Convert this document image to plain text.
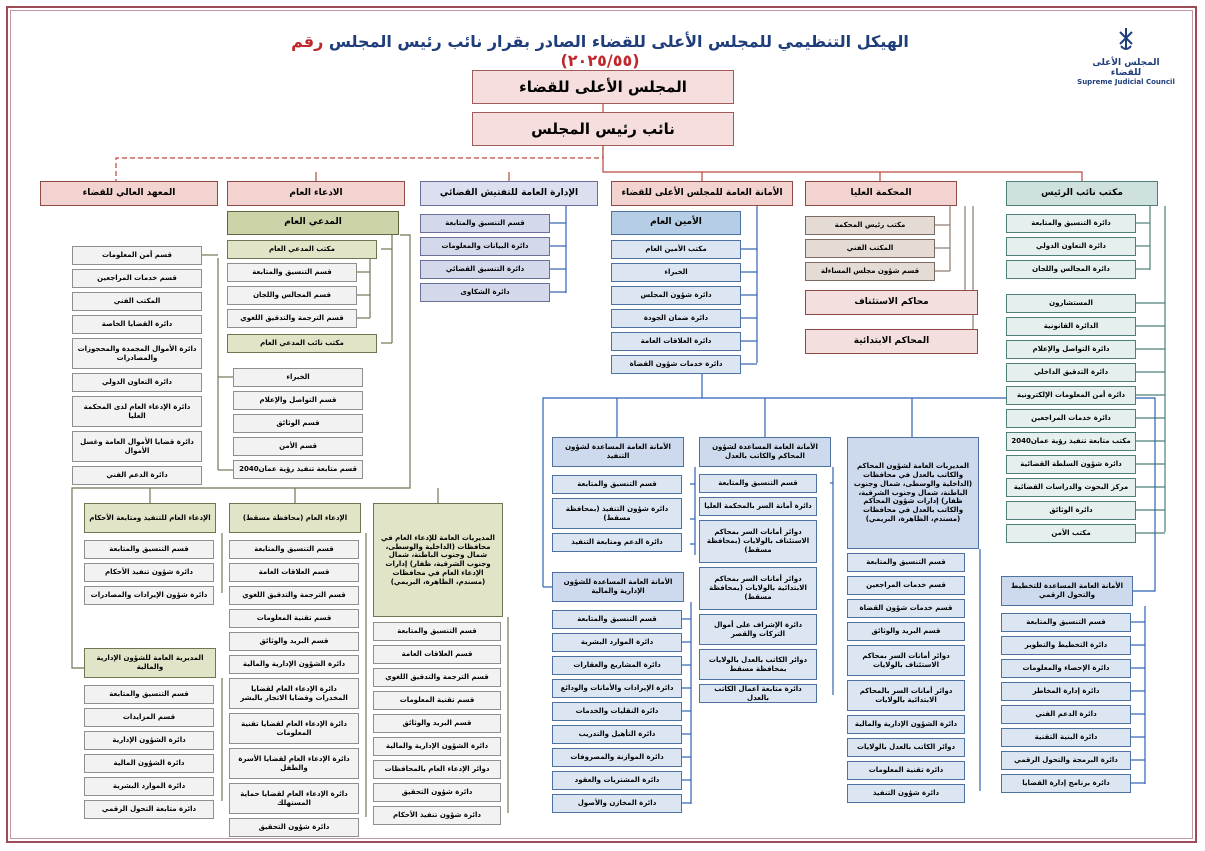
الهيكل التنظيمي للمجلس الأعلى للقضاء الصادر بقرار نائب رئيس المجلس رقم (٢٠٢٥/٥٥)	المجلس الأعلى للقضاء
Supreme Judicial Council
المجلس الأعلى للقضاء
نائب رئيس المجلس
مكتب نائب الرئيس
المحكمة العليا
الأمانة العامة للمجلس الأعلى للقضاء
الإدارة العامة للتفتيش القضائي
الادعاء العام
المعهد العالي للقضاء
دائرة التنسيق والمتابعة
دائرة التعاون الدولي
دائرة المجالس واللجان
المستشارون
الدائرة القانونية
دائرة التواصل والإعلام
دائرة التدقيق الداخلي
دائرة أمن المعلومات الإلكترونية
دائرة خدمات المراجعين
مكتب متابعة تنفيذ رؤية عمان2040
دائرة شؤون السلطة القضائية
مركز البحوث والدراسات القضائية
دائرة الوثائق
مكتب الأمن
مكتب رئيس المحكمة
المكتب الفني
قسم شؤون مجلس المساءلة
محاكم الاستئناف
المحاكم الابتدائية
الأمين العام
مكتب الأمين العام
الخبراء
دائرة شؤون المجلس
دائرة ضمان الجودة
دائرة العلاقات العامة
دائرة خدمات شؤون القضاة
قسم التنسيق والمتابعة
دائرة البيانات والمعلومات
دائرة التنسيق القضائي
دائرة الشكاوى
المدعي العام
مكتب المدعي العام
قسم التنسيق والمتابعة
قسم المجالس واللجان
قسم الترجمة والتدقيق اللغوي
مكتب نائب المدعي العام
الخبراء
قسم التواصل والإعلام
قسم الوثائق
قسم الأمن
قسم متابعة تنفيذ رؤية عمان2040
قسم أمن المعلومات
قسم خدمات المراجعين
المكتب الفني
دائرة القضايا الخاصة
دائرة الأموال المجمدة والمحجوزات والمصادرات
دائرة التعاون الدولي
دائرة الإدعاء العام لدى المحكمة العليا
دائرة قضايا الأموال العامة وغسل الأموال
دائرة الدعم الفني
الإدعاء العام للتنفيذ ومتابعة الأحكام
قسم التنسيق والمتابعة
دائرة شؤون تنفيذ الأحكام
دائرة شؤون الإيرادات والمصادرات
المديرية العامة للشؤون الإدارية والمالية
قسم التنسيق والمتابعة
قسم المزايدات
دائرة الشؤون الإدارية
دائرة الشؤون المالية
دائرة الموارد البشرية
دائرة متابعة التحول الرقمي
الإدعاء العام (محافظة مسقط)
قسم التنسيق والمتابعة
قسم العلاقات العامة
قسم الترجمة والتدقيق اللغوي
قسم تقنية المعلومات
قسم البريد والوثائق
دائرة الشؤون الإدارية والمالية
دائرة الإدعاء العام لقضايا المخدرات وقضايا الاتجار بالبشر
دائرة الإدعاء العام لقضايا تقنية المعلومات
دائرة الإدعاء العام لقضايا الأسرة والطفل
دائرة الإدعاء العام لقضايا حماية المستهلك
دائرة شؤون التحقيق
المديريات العامة للإدعاء العام في محافظات (الداخلية والوسطى، شمال وجنوب الباطنة، شمال وجنوب الشرقية، ظفار) إدارات الإدعاء العام في محافظات (مسندم، الظاهرة، البريمي)
قسم التنسيق والمتابعة
قسم العلاقات العامة
قسم الترجمة والتدقيق اللغوي
قسم تقنية المعلومات
قسم البريد والوثائق
دائرة الشؤون الإدارية والمالية
دوائر الإدعاء العام بالمحافظات
دائرة شؤون التحقيق
دائرة شؤون تنفيذ الأحكام
الأمانة العامة المساعدة لشؤون التنفيذ
قسم التنسيق والمتابعة
دائرة شؤون التنفيذ (بمحافظة مسقط)
دائرة الدعم ومتابعة التنفيذ
الأمانة العامة المساعدة للشؤون الإدارية والمالية
قسم التنسيق والمتابعة
دائرة الموارد البشرية
دائرة المشاريع والعقارات
دائرة الإيرادات والأمانات والودائع
دائرة النقليات والخدمات
دائرة التأهيل والتدريب
دائرة الموازنة والمصروفات
دائرة المشتريات والعقود
دائرة المخازن والأصول
الأمانة العامة المساعدة لشؤون المحاكم والكاتب بالعدل
قسم التنسيق والمتابعة
دائرة أمانة السر بالمحكمة العليا
دوائر أمانات السر بمحاكم الاستئناف بالولايات (بمحافظة مسقط)
دوائر أمانات السر بمحاكم الابتدائية بالولايات (بمحافظة مسقط)
دائرة الإشراف على أموال التركات والقصر
دوائر الكاتب بالعدل بالولايات بمحافظة مسقط
دائرة متابعة أعمال الكاتب بالعدل
المديريات العامة لشؤون المحاكم والكاتب بالعدل في محافظات (الداخلية والوسطى، شمال وجنوب الباطنة، شمال وجنوب الشرقية، ظفار) إدارات شؤون المحاكم والكاتب بالعدل في محافظات (مسندم، الظاهرة، البريمي)
قسم التنسيق والمتابعة
قسم خدمات المراجعين
قسم خدمات شؤون القضاة
قسم البريد والوثائق
دوائر أمانات السر بمحاكم الاستئناف بالولايات
دوائر أمانات السر بالمحاكم الابتدائية بالولايات
دائرة الشؤون الإدارية والمالية
دوائر الكاتب بالعدل بالولايات
دائرة تقنية المعلومات
دائرة شؤون التنفيذ
الأمانة العامة المساعدة للتخطيط والتحول الرقمي
قسم التنسيق والمتابعة
دائرة التخطيط والتطوير
دائرة الإحصاء والمعلومات
دائرة إدارة المخاطر
دائرة الدعم الفني
دائرة البنية التقنية
دائرة البرمجة والتحول الرقمي
دائرة برنامج إدارة القضايا
